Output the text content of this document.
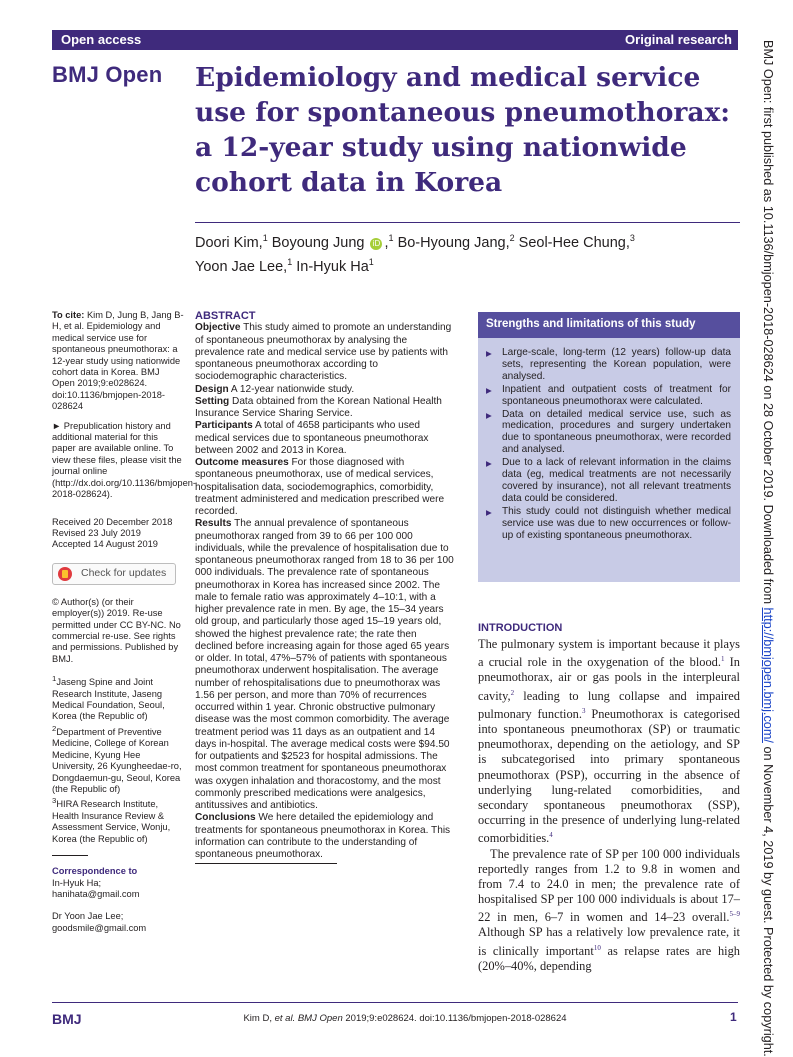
Open access	Original research
BMJ Open Epidemiology and medical service use for spontaneous pneumothorax: a 12-year study using nationwide cohort data in Korea
Doori Kim,$^1$ Boyoung Jung iD ,$^1$ Bo-Hyoung Jang,$^2$ Seol-Hee Chung,$^3$
Yoon Jae Lee,$^1$ In-Hyuk Ha$^1$

To cite: Kim D, Jung B, Jang B-H, et al. Epidemiology and medical service use for spontaneous pneumothorax: a 12-year study using nationwide cohort data in Korea. BMJ Open 2019;9:e028624. doi:10.1136/bmjopen-2018-028624

► Prepublication history and additional material for this paper are available online. To view these files, please visit the journal online (http://dx.doi.org/10.1136/bmjopen-2018-028624).

Received 20 December 2018
Revised 23 July 2019
Accepted 14 August 2019
Check for updates

© Author(s) (or their employer(s)) 2019. Re-use permitted under CC BY-NC. No commercial re-use. See rights and permissions. Published by BMJ.

$^1$Jaseng Spine and Joint Research Institute, Jaseng Medical Foundation, Seoul, Korea (the Republic of)
$^2$Department of Preventive Medicine, College of Korean Medicine, Kyung Hee University, 26 Kyungheedae-ro, Dongdaemun-gu, Seoul, Korea (the Republic of)
$^3$HIRA Research Institute, Health Insurance Review & Assessment Service, Wonju, Korea (the Republic of)
Correspondence to
In-Hyuk Ha;
hanihata@gmail.com
Dr Yoon Jae Lee;
goodsmile@gmail.com
ABSTRACT
Objective This study aimed to promote an understanding of spontaneous pneumothorax by analysing the prevalence rate and medical service use by patients with spontaneous pneumothorax according to sociodemographic characteristics.
Design A 12-year nationwide study.
Setting Data obtained from the Korean National Health Insurance Service Sharing Service.
Participants A total of 4658 participants who used medical services due to spontaneous pneumothorax between 2002 and 2013 in Korea.
Outcome measures For those diagnosed with spontaneous pneumothorax, use of medical services, hospitalisation data, sociodemographics, comorbidity, treatment administered and medication prescribed were recorded.
Results The annual prevalence of spontaneous pneumothorax ranged from 39 to 66 per 100 000 individuals, while the prevalence of hospitalisation due to spontaneous pneumothorax ranged from 18 to 36 per 100 000 individuals. The prevalence rate of spontaneous pneumothorax in Korea has increased since 2002. The male to female ratio was approximately 4–10:1, with a higher prevalence rate in men. By age, the 15–34 years old group, and particularly those aged 15–19 years old, showed the highest prevalence rate; the rate then declined before increasing again for those aged 65 years or older. In total, 47%–57% of patients with spontaneous pneumothorax underwent hospitalisation. The average number of rehospitalisations due to pneumothorax was 1.56 per person, and more than 70% of recurrences occurred within 1 year. Chronic obstructive pulmonary disease was the most common comorbidity. The average treatment period was 11 days as an outpatient and 14 days in-hospital. The average medical costs were $94.50 for outpatients and $2523 for hospital admissions. The most common treatment for spontaneous pneumothorax was oxygen inhalation and thoracostomy, and the most commonly prescribed medications were analgesics, antitussives and antibiotics.
Conclusions We here detailed the epidemiology and treatments for spontaneous pneumothorax in Korea. This information can contribute to the understanding of spontaneous pneumothorax.
Strengths and limitations of this study
▶ Large-scale, long-term (12 years) follow-up data sets, representing the Korean population, were analysed.
▶ Inpatient and outpatient costs of treatment for spontaneous pneumothorax were calculated.
▶ Data on detailed medical service use, such as medication, procedures and surgery undertaken due to spontaneous pneumothorax, were recorded and analysed.
▶ Due to a lack of relevant information in the claims data (eg, medical treatments are not necessarily covered by insurance), not all relevant treatments data could be considered.
▶ This study could not distinguish whether medical service use was due to new occurrences or follow-up of existing spontaneous pneumothorax.
INTRODUCTION

The pulmonary system is important because it plays a crucial role in the oxygenation of the blood.$^1$ In pneumothorax, air or gas pools in the interpleural cavity,$^2$ leading to lung collapse and impaired pulmonary function.$^3$ Pneumothorax is categorised into spontaneous pneumothorax (SP) or traumatic pneumothorax, depending on the aetiology, and SP is subcategorised into primary spontaneous pneumothorax (PSP), occurring in the absence of underlying lung-related comorbidities, and secondary spontaneous pneumothorax (SSP), occurring in the presence of underlying lung-related comorbidities.$^4$

The prevalence rate of SP per 100 000 individuals reportedly ranges from 1.2 to 9.8 in women and from 7.4 to 24.0 in men; the prevalence rate of hospitalised SP per 100 000 individuals is about 17–22 in men, 6–7 in women and 14–23 overall.$^{5-9}$ Although SP has a relatively low prevalence rate, it is clinically important$^{10}$ as relapse rates are high (20%–40%, depending

BMJ Open: first published as 10.1136/bmjopen-2018-028624 on 28 October 2019. Downloaded from http://bmjopen.bmj.com/ on November 4, 2019 by guest. Protected by copyright.
BMJ	Kim D, et al. BMJ Open 2019;9:e028624. doi:10.1136/bmjopen-2018-028624	1
